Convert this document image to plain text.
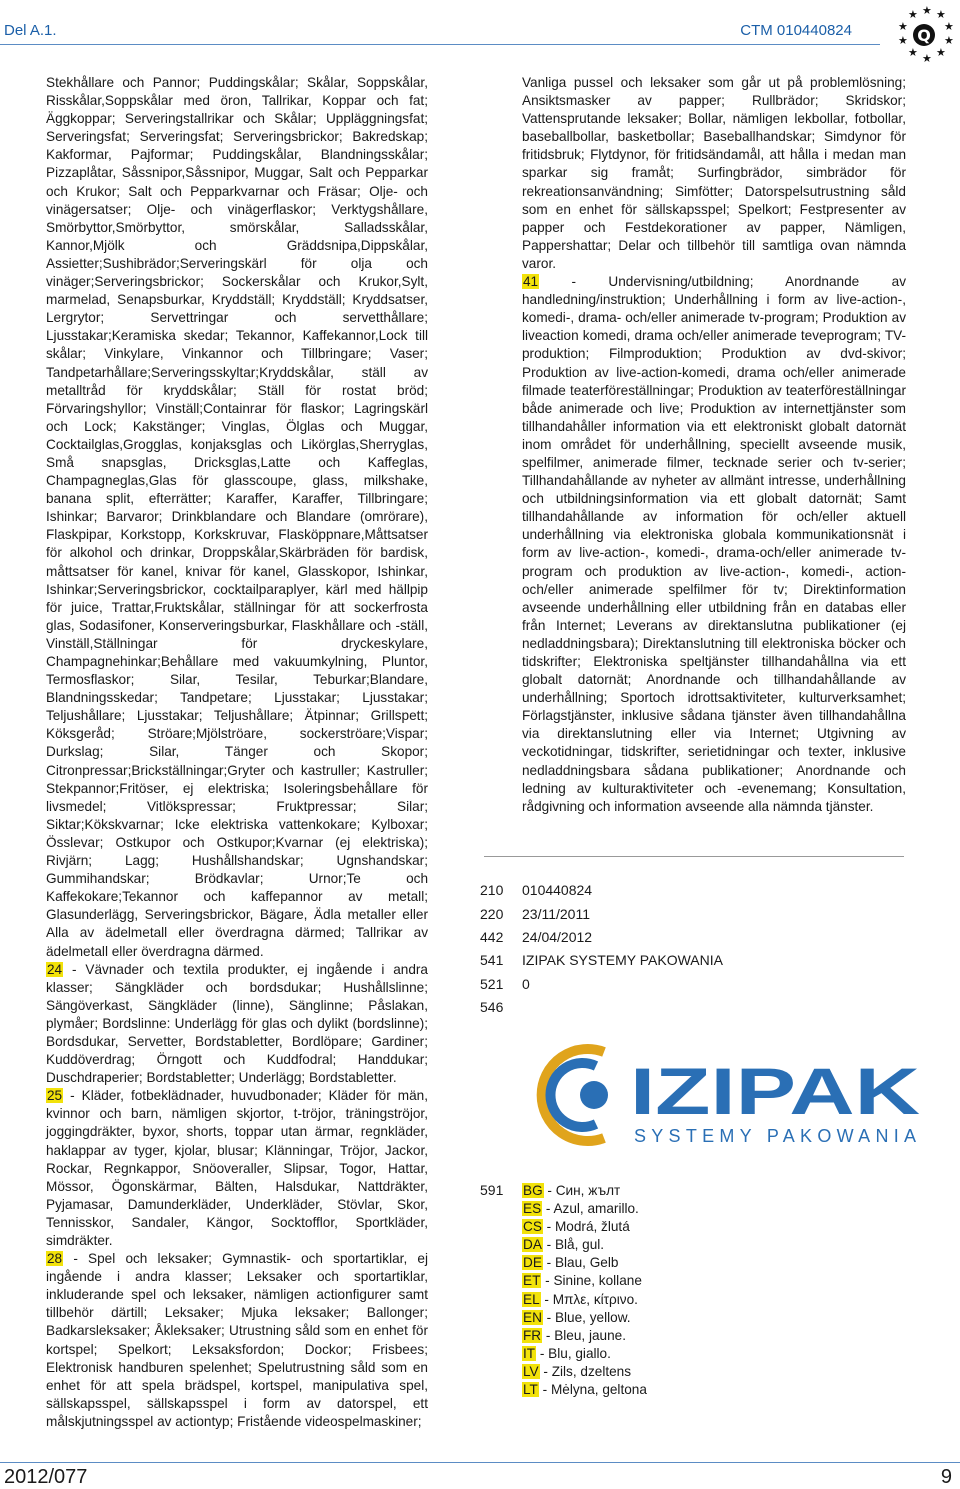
Del A.1.	CTM 010440824
★ ★
★
★
★
★
★
★
★
★
Q

Stekhållare och Pannor; Puddingskålar; Skålar, Soppskålar, Risskålar,Soppskålar med öron, Tallrikar, Koppar och fat; Äggkoppar; Serveringstallrikar och Skålar; Uppläggningsfat; Serveringsfat; Serveringsfat; Serveringsbrickor; Bakredskap; Kakformar, Pajformar; Puddingskålar, Blandningsskålar; Pizzaplåtar, Såssnipor,Såssnipor, Muggar, Salt och Pepparkar och Krukor; Salt och Pepparkvarnar och Fräsar; Olje- och vinägersatser; Olje- och vinägerflaskor; Verktygshållare, Smörbyttor,Smörbyttor, smörskålar, Salladsskålar, Kannor,Mjölk och Gräddsnipa,Dippskålar, Assietter;Sushibrädor;Serveringskärl för olja och vinäger;Serveringsbrickor; Sockerskålar och Krukor,Sylt, marmelad, Senapsburkar, Kryddställ; Kryddställ; Kryddsatser, Lergrytor; Servettringar och servetthållare; Ljusstakar;Keramiska skedar; Tekannor, Kaffekannor,Lock till skålar; Vinkylare, Vinkannor och Tillbringare; Vaser; Tandpetarhållare;Serveringsskyltar;Kryddskålar, ställ av metalltråd för kryddskålar; Ställ för rostat bröd; Förvaringshyllor; Vinställ;Containrar för flaskor; Lagringskärl och Lock; Kakstänger; Vinglas, Ölglas och Muggar, Cocktailglas,Grogglas, konjaksglas och Likörglas,Sherryglas, Små snapsglas, Dricksglas,Latte och Kaffeglas, Champagneglas,Glas för glasscoupe, glass, milkshake, banana split, efterrätter; Karaffer, Karaffer, Tillbringare; Ishinkar; Barvaror; Drinkblandare och Blandare (omrörare), Flaskpipar, Korkstopp, Korkskruvar, Flasköppnare,Måttsatser för alkohol och drinkar, Droppskålar,Skärbräden för bardisk, måttsatser för kanel, knivar för kanel, Glasskopor, Ishinkar, Ishinkar;Serveringsbrickor, cocktailparaplyer, kärl med hällpip för juice, Trattar,Fruktskålar, ställningar för att sockerfrosta glas, Sodasifoner, Konserveringsburkar, Flaskhållare och -ställ, Vinställ,Ställningar för dryckeskylare, Champagnehinkar;Behållare med vakuumkylning, Pluntor, Termosflaskor; Silar, Tesilar, Teburkar;Blandare, Blandningsskedar; Tandpetare; Ljusstakar; Ljusstakar; Teljushållare; Ljusstakar; Teljushållare; Ätpinnar; Grillspett; Köksgeråd; Ströare;Mjölströare, sockerströare;Vispar; Durkslag; Silar, Tänger och Skopor; Citronpressar;Brickställningar;Gryter och kastruller; Kastruller; Stekpannor;Fritöser, ej elektriska; Isoleringsbehållare för livsmedel; Vitlökspressar; Fruktpressar; Silar; Siktar;Kökskvarnar; Icke elektriska vattenkokare; Kylboxar; Össlevar; Ostkupor och Ostkupor;Kvarnar (ej elektriska); Rivjärn; Lagg; Hushållshandskar; Ugnshandskar; Gummihandskar; Brödkavlar; Urnor;Te och Kaffekokare;Tekannor och kaffepannor av metall; Glasunderlägg, Serveringsbrickor, Bägare, Ädla metaller eller Alla av ädelmetall eller överdragna därmed; Tallrikar av ädelmetall eller överdragna därmed.

24 - Vävnader och textila produkter, ej ingående i andra klasser; Sängkläder och bordsdukar; Hushållslinne; Sängöverkast, Sängkläder (linne), Sänglinne; Påslakan, plymåer; Bordslinne: Underlägg för glas och dylikt (bordslinne); Bordsdukar, Servetter, Bordstabletter, Bordlöpare; Gardiner; Kuddöverdrag; Örngott och Kuddfodral; Handdukar; Duschdraperier; Bordstabletter; Underlägg; Bordstabletter.

25 - Kläder, fotbeklädnader, huvudbonader; Kläder för män, kvinnor och barn, nämligen skjortor, t-tröjor, träningströjor, joggingdräkter, byxor, shorts, toppar utan ärmar, regnkläder, haklappar av tyger, kjolar, blusar; Klänningar, Tröjor, Jackor, Rockar, Regnkappor, Snöoveraller, Slipsar, Togor, Hattar, Mössor, Ögonskärmar, Bälten, Halsdukar, Nattdräkter, Pyjamasar, Damunderkläder, Underkläder, Stövlar, Skor, Tennisskor, Sandaler, Kängor, Socktofflor, Sportkläder, simdräkter.

28 - Spel och leksaker; Gymnastik- och sportartiklar, ej ingående i andra klasser; Leksaker och sportartiklar, inkluderande spel och leksaker, nämligen actionfigurer samt tillbehör därtill; Leksaker; Mjuka leksaker; Ballonger; Badkarsleksaker; Åkleksaker; Utrustning såld som en enhet för kortspel; Spelkort; Leksaksfordon; Dockor; Frisbees; Elektronisk handburen spelenhet; Spelutrustning såld som en enhet för att spela brädspel, kortspel, manipulativa spel, sällskapsspel, sällskapsspel i form av datorspel, ett målskjutningsspel av actiontyp; Fristående videospelmaskiner;

Vanliga pussel och leksaker som går ut på problemlösning; Ansiktsmasker av papper; Rullbrädor; Skridskor; Vattensprutande leksaker; Bollar, nämligen lekbollar, fotbollar, baseballbollar, basketbollar; Baseballhandskar; Simdynor för fritidsbruk; Flytdynor, för fritidsändamål, att hålla i medan man sparkar sig framåt; Surfingbrädor, simbrädor för rekreationsanvändning; Simfötter; Datorspelsutrustning såld som en enhet för sällskapsspel; Spelkort; Festpresenter av papper och Festdekorationer av papper, Nämligen, Pappershattar; Delar och tillbehör till samtliga ovan nämnda varor.

41 - Undervisning/utbildning; Anordnande av handledning/instruktion; Underhållning i form av live-action-, komedi-, drama- och/eller animerade tv-program; Produktion av liveaction komedi, drama och/eller animerade teveprogram; TV-produktion; Filmproduktion; Produktion av dvd-skivor; Produktion av live-action-komedi, drama och/eller animerade filmade teaterföreställningar; Produktion av teaterföreställningar både animerade och live; Produktion av internettjänster som tillhandahåller information via ett elektroniskt globalt datornät inom området för underhållning, speciellt avseende musik, spelfilmer, animerade filmer, tecknade serier och tv-serier; Tillhandahållande av nyheter av allmänt intresse, underhållning och utbildningsinformation via ett globalt datornät; Samt tillhandahållande av information för och/eller aktuell underhållning via elektroniska globala kommunikationsnät i form av live-action-, komedi-, drama-och/eller animerade tv-program och produktion av live-action-, komedi-, action- och/eller animerade spelfilmer för tv; Direktinformation avseende underhållning eller utbildning från en databas eller från Internet; Leverans av direktanslutna publikationer (ej nedladdningsbara); Direktanslutning till elektroniska böcker och tidskrifter; Elektroniska speltjänster tillhandahållna via ett globalt datornät; Anordnande och tillhandahållande av underhållning; Sportoch idrottsaktiviteter, kulturverksamhet; Förlagstjänster, inklusive sådana tjänster även tillhandahållna via direktanslutning eller via Internet; Utgivning av veckotidningar, tidskrifter, serietidningar och texter, inklusive nedladdningsbara sådana publikationer; Anordnande och ledning av kulturaktiviteter och -evenemang; Konsultation, rådgivning och information avseende alla nämnda tjänster.

210 010440824
220 23/11/2011
442 24/04/2012
541 IZIPAK SYSTEMY PAKOWANIA
521 0
546
IZIPAK
SYSTEMY PAKOWANIA
591 BG - Син, жълт
ES - Azul, amarillo.
CS - Modrá, žlutá
DA - Blå, gul.
DE - Blau, Gelb
ET - Sinine, kollane
EL - Μπλε, κίτρινο.
EN - Blue, yellow.
FR - Bleu, jaune.
IT - Blu, giallo.
LV - Zils, dzeltens
LT - Mėlyna, geltona
2012/077	9
